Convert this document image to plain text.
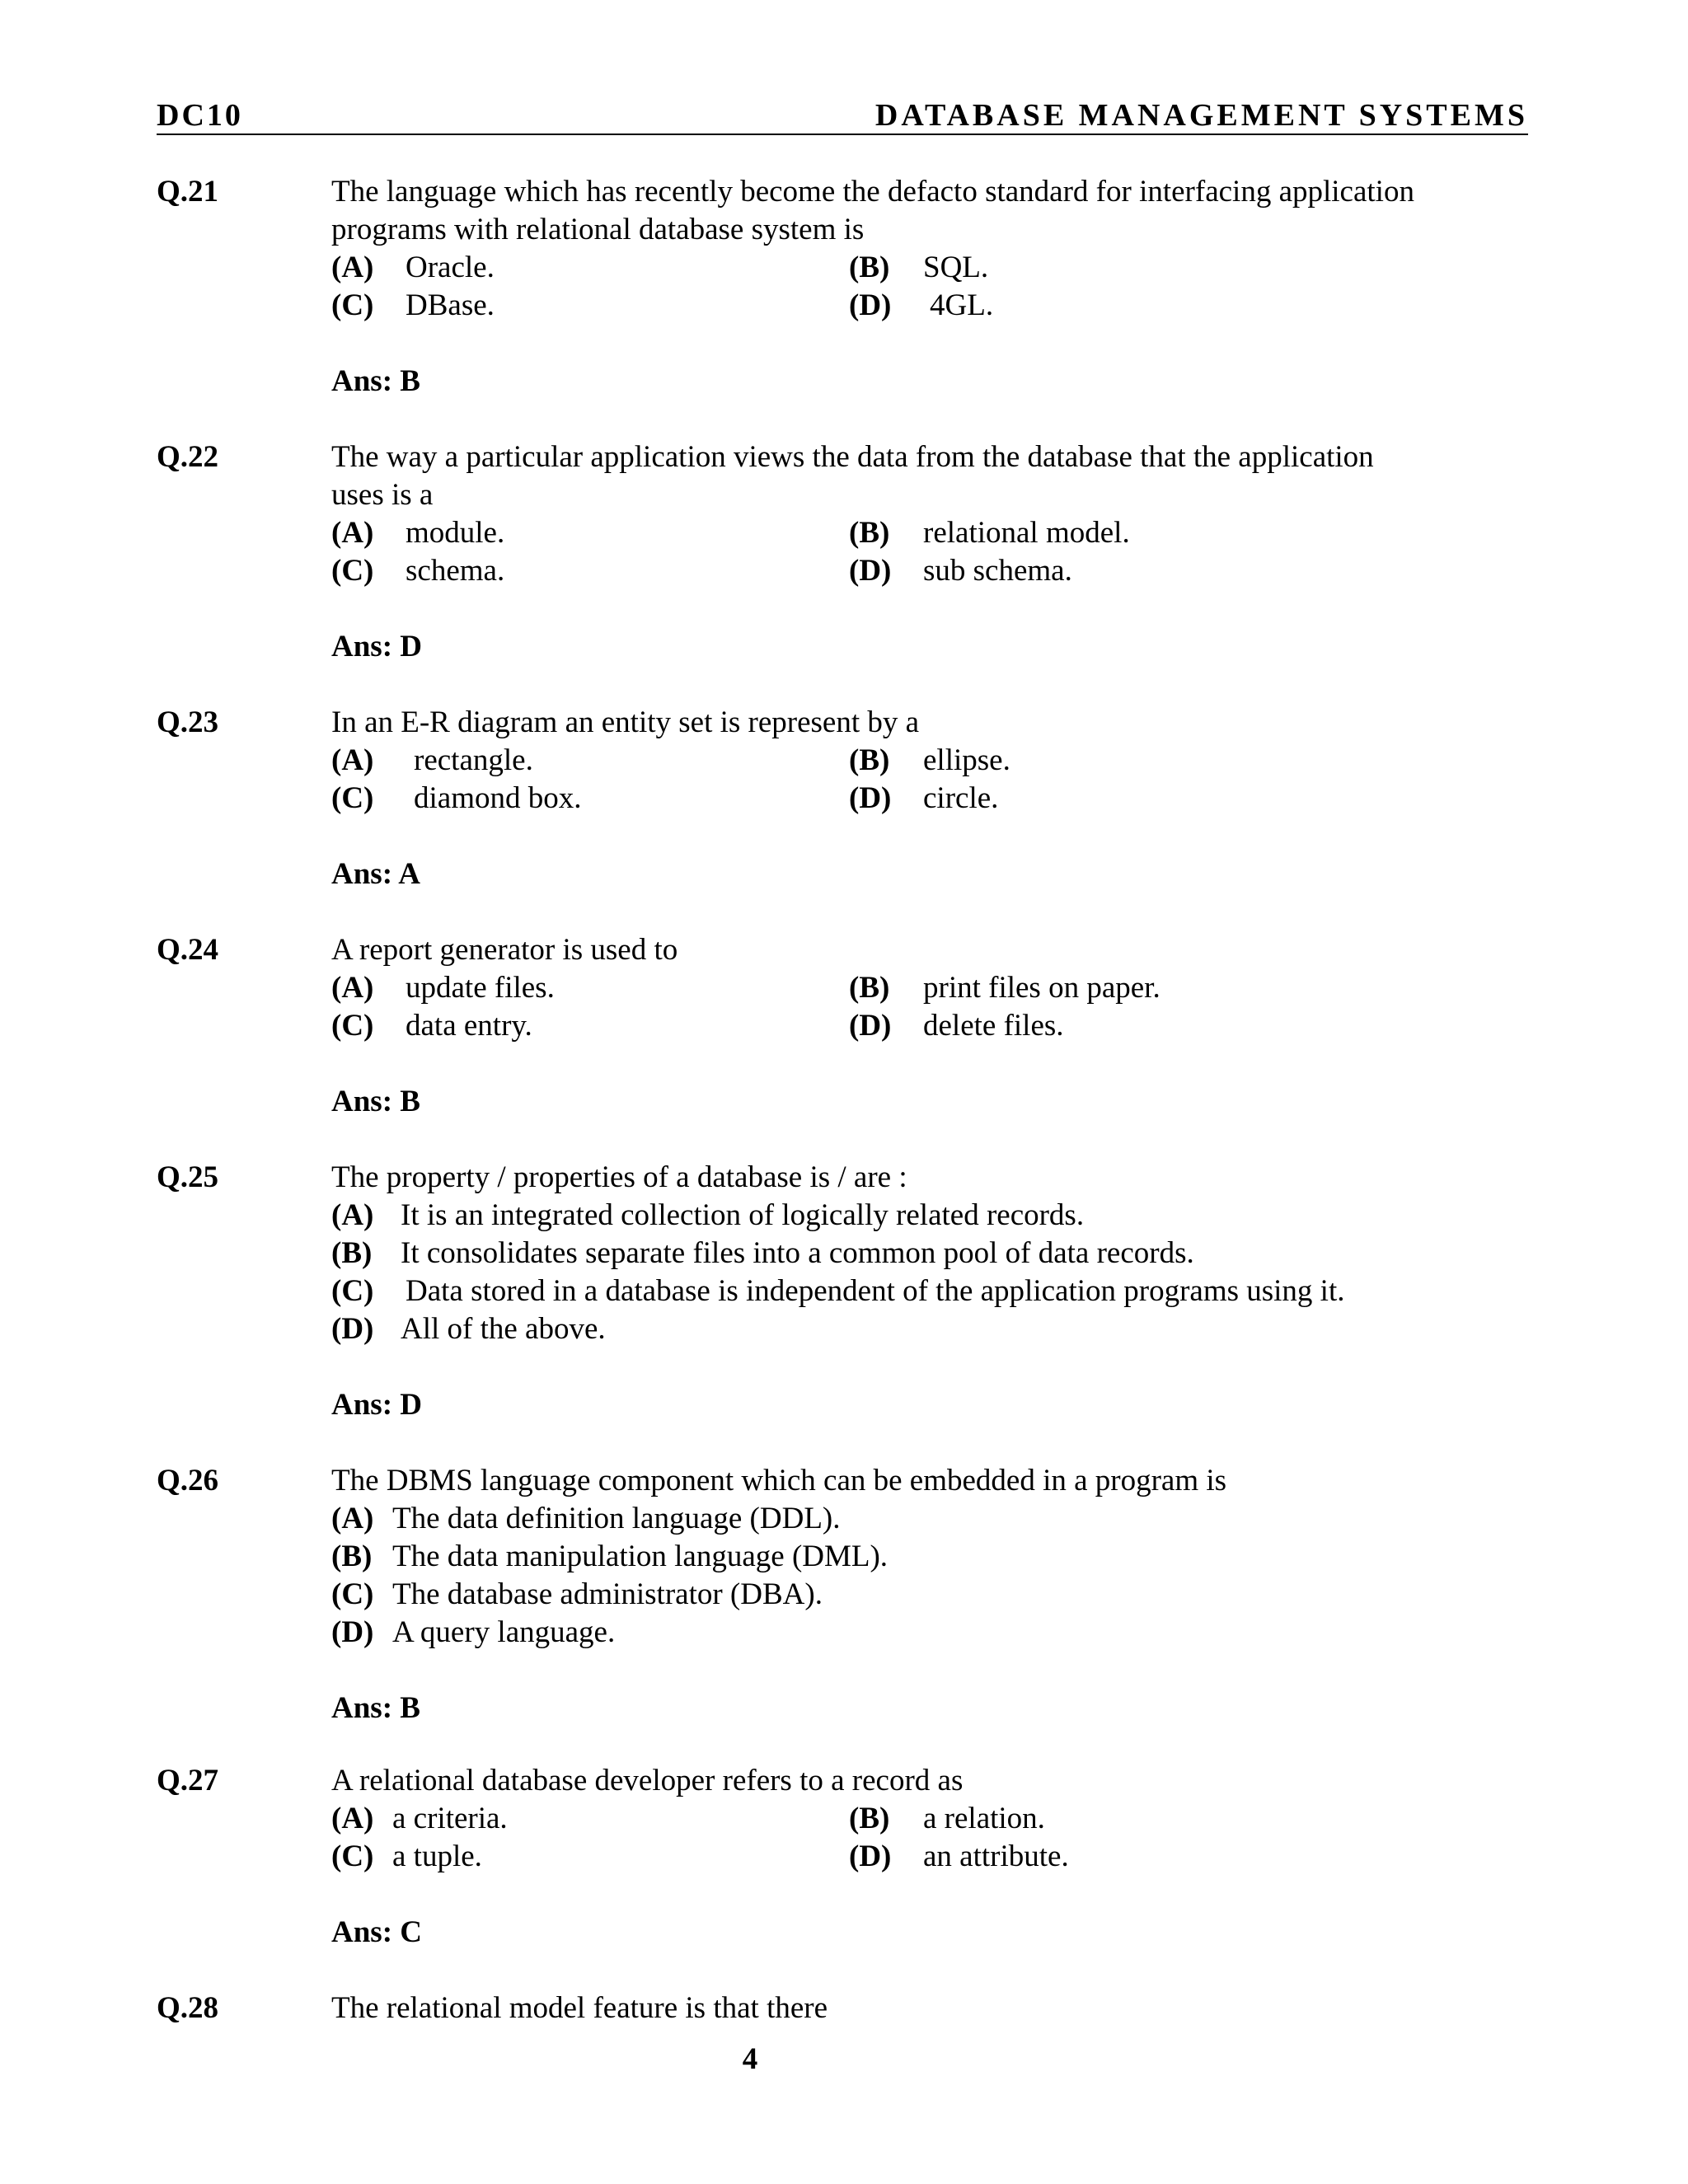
DC10	DATABASE MANAGEMENT SYSTEMS
Q.21	The language which has recently become the defacto standard for interfacing application
programs with relational database system is
(A) Oracle.	(B) SQL.
(C) DBase.	(D) 4GL.
Ans: B
Q.22	The way a particular application views the data from the database that the application
uses is a
(A) module.	(B) relational model.
(C) schema.	(D) sub schema.
Ans: D
Q.23	In an E-R diagram an entity set is represent by a
(A) rectangle.	(B) ellipse.
(C) diamond box.	(D) circle.
Ans: A
Q.24	A report generator is used to
(A) update files.	(B) print files on paper.
(C) data entry.	(D) delete files.
Ans: B
Q.25	The property / properties of a database is / are :
(A) It is an integrated collection of logically related records.
(B) It consolidates separate files into a common pool of data records.
(C) Data stored in a database is independent of the application programs using it.
(D) All of the above.
Ans: D
Q.26	The DBMS language component which can be embedded in a program is
(A) The data definition language (DDL).
(B) The data manipulation language (DML).
(C) The database administrator (DBA).
(D) A query language.
Ans: B
Q.27	A relational database developer refers to a record as
(A) a criteria.	(B) a relation.
(C) a tuple.	(D) an attribute.
Ans: C
Q.28	The relational model feature is that there
4
